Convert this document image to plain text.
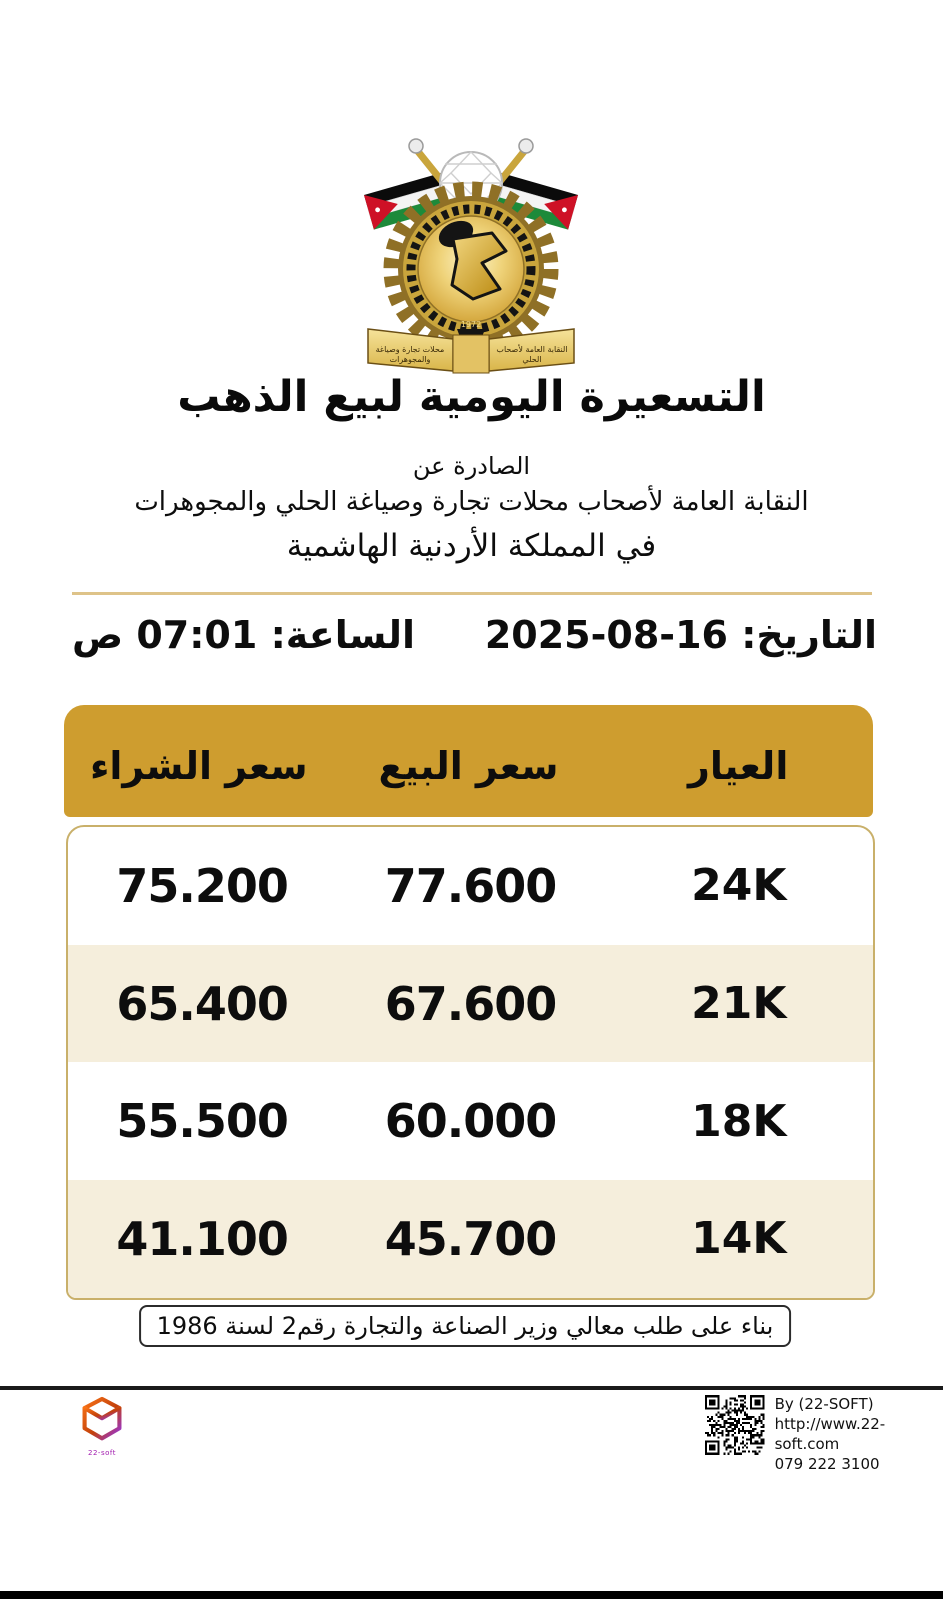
1972
محلات تجارة وصياغة
والمجوهرات
النقابة العامة لأصحاب
الحلي
التسعيرة اليومية لبيع الذهب
الصادرة عن
النقابة العامة لأصحاب محلات تجارة وصياغة الحلي والمجوهرات
في المملكة الأردنية الهاشمية
التاريخ: 16-08-2025
الساعة: 07:01 ص
العيار
سعر البيع
سعر الشراء
24K
77.600
75.200
21K
67.600
65.400
18K
60.000
55.500
14K
45.700
41.100
بناء على طلب معالي وزير الصناعة والتجارة رقم2 لسنة 1986
By (22-SOFT)
http://www.22-soft.com
079 222 3100
22-soft
